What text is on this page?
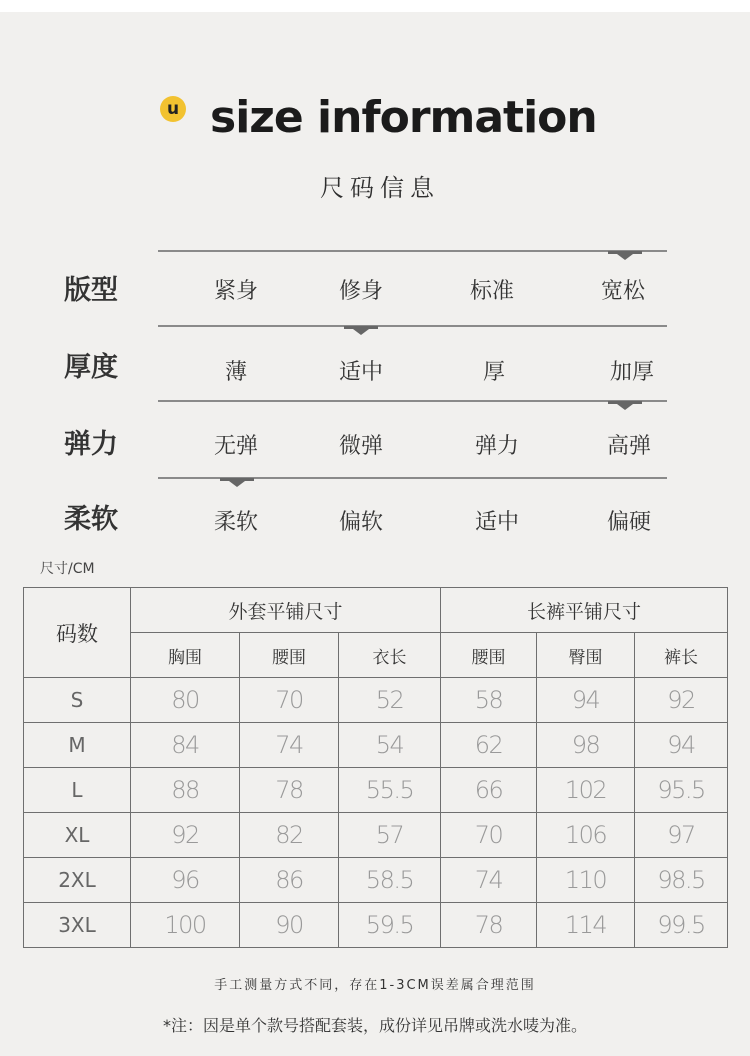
u size information
尺码信息
版型	紧身	修身	标准	宽松
厚度	薄	适中	厚	加厚
弹力	无弹	微弹	弹力	高弹
柔软	柔软	偏软	适中	偏硬
尺寸/CM
码数	外套平铺尺寸			长裤平铺尺寸		
	胸围	腰围	衣长	腰围	臀围	裤长
S	80	70	52	58	94	92
M	84	74	54	62	98	94
L	88	78	55.5	66	102	95.5
XL	92	82	57	70	106	97
2XL	96	86	58.5	74	110	98.5
3XL	100	90	59.5	78	114	99.5
手工测量方式不同，存在1-3CM误差属合理范围
*注：因是单个款号搭配套装，成份详见吊牌或洗水唛为准。
